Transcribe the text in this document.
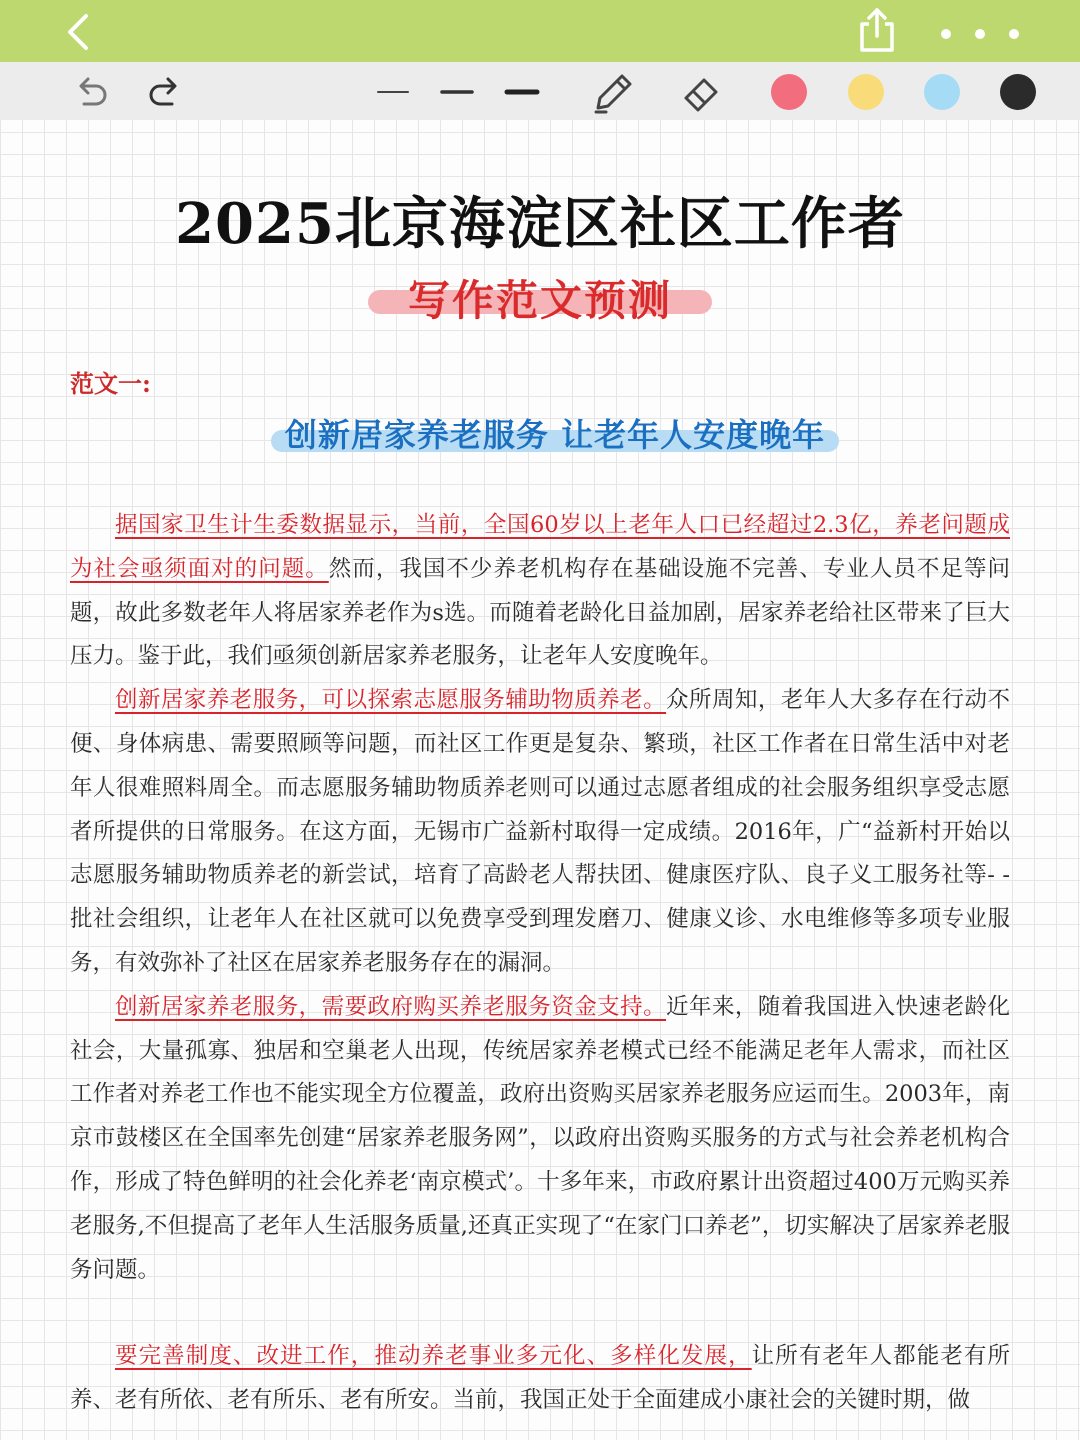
2025北京海淀区社区工作者
写作范文预测
范文一:
创新居家养老服务 让老年人安度晚年

据国家卫生计生委数据显示，当前，全国60岁以上老年人口已经超过2.3亿，养老问题成为社会亟须面对的问题。然而，我国不少养老机构存在基础设施不完善、专业人员不足等问题，故此多数老年人将居家养老作为s选。而随着老龄化日益加剧，居家养老给社区带来了巨大压力。鉴于此，我们亟须创新居家养老服务，让老年人安度晚年。

创新居家养老服务，可以探索志愿服务辅助物质养老。众所周知，老年人大多存在行动不便、身体病患、需要照顾等问题，而社区工作更是复杂、繁琐，社区工作者在日常生活中对老年人很难照料周全。而志愿服务辅助物质养老则可以通过志愿者组成的社会服务组织享受志愿者所提供的日常服务。在这方面，无锡市广益新村取得一定成绩。2016年，广“益新村开始以志愿服务辅助物质养老的新尝试，培育了高龄老人帮扶团、健康医疗队、良子义工服务社等- -批社会组织，让老年人在社区就可以免费享受到理发磨刀、健康义诊、水电维修等多项专业服务，有效弥补了社区在居家养老服务存在的漏洞。

创新居家养老服务，需要政府购买养老服务资金支持。近年来，随着我国进入快速老龄化社会，大量孤寡、独居和空巢老人出现，传统居家养老模式已经不能满足老年人需求，而社区工作者对养老工作也不能实现全方位覆盖，政府出资购买居家养老服务应运而生。2003年，南京市鼓楼区在全国率先创建“居家养老服务网”，以政府出资购买服务的方式与社会养老机构合作，形成了特色鲜明的社会化养老‘南京模式’。十多年来，市政府累计出资超过400万元购买养老服务,不但提高了老年人生活服务质量,还真正实现了“在家门口养老”，切实解决了居家养老服务问题。

要完善制度、改进工作，推动养老事业多元化、多样化发展，让所有老年人都能老有所养、老有所依、老有所乐、老有所安。当前，我国正处于全面建成小康社会的关键时期，做
